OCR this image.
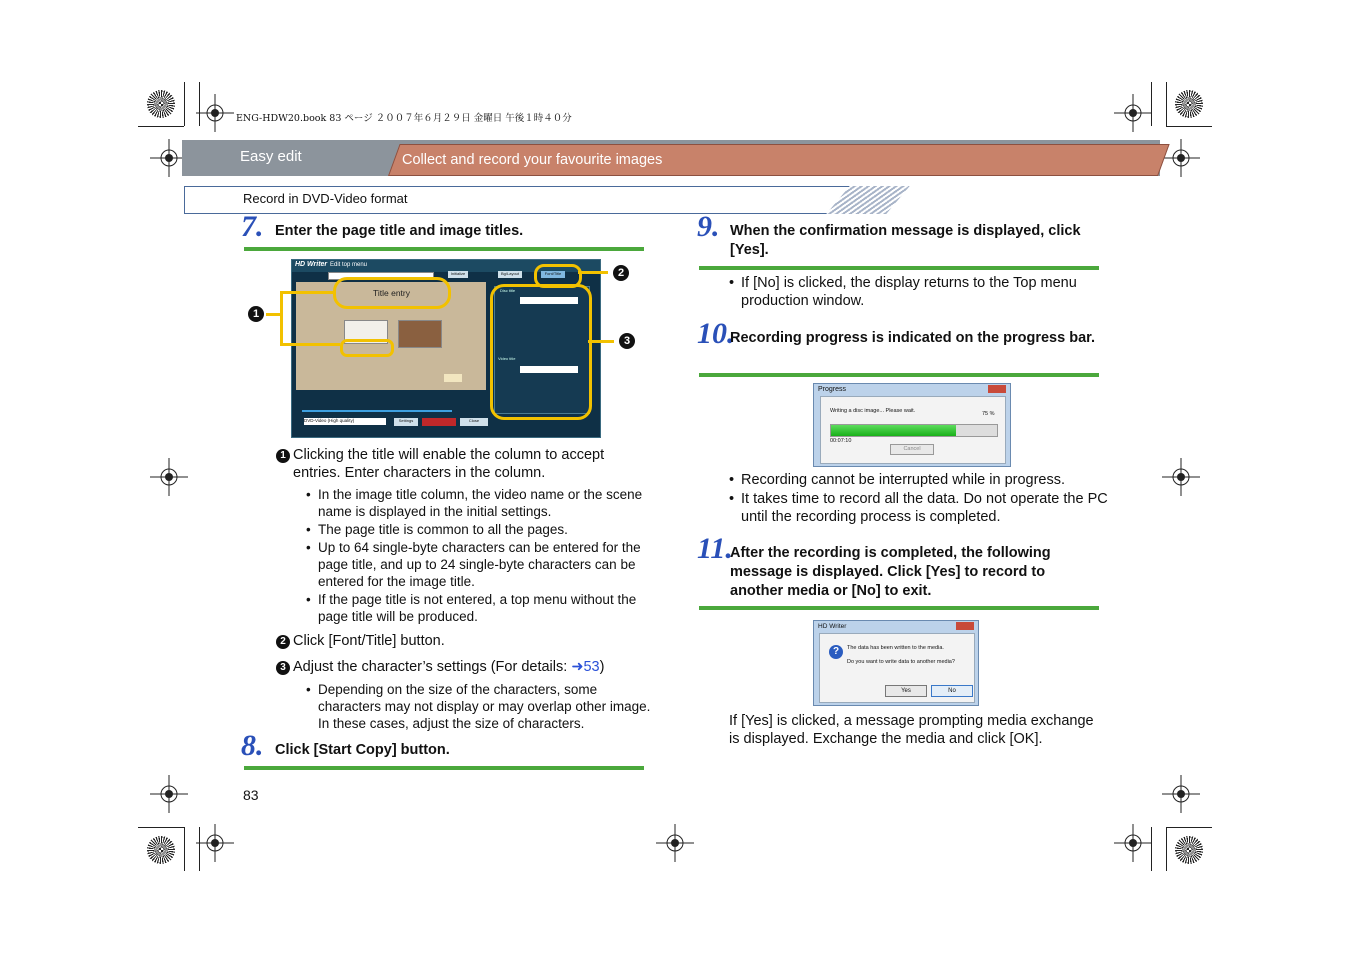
ENG-HDW20.book 83 ページ ２００７年６月２９日 金曜日 午後１時４０分
Easy edit	Collect and record your favourite images
Record in DVD-Video format
7. Enter the page title and image titles.
HD Writer Edit top menu
Initialize	Bg/Layout	Font/Title
Disc title
Video title
DVD-Video (High quality)	Settings	Close
Title entry
1
2
3
1 Clicking the title will enable the column to accept entries. Enter characters in the column.
• In the image title column, the video name or the scene name is displayed in the initial settings.
• The page title is common to all the pages.
• Up to 64 single-byte characters can be entered for the page title, and up to 24 single-byte characters can be entered for the image title.
• If the page title is not entered, a top menu without the page title will be produced.
2 Click [Font/Title] button.
3 Adjust the character’s settings (For details: ➜53)
• Depending on the size of the characters, some characters may not display or may overlap other image. In these cases, adjust the size of characters.
8. Click [Start Copy] button.
83
9. When the confirmation message is displayed, click [Yes].
• If [No] is clicked, the display returns to the Top menu production window.
10.
Recording progress is indicated on the progress bar.
Progress
Writing a disc image... Please wait.	75 %
00:07:10
Cancel
• Recording cannot be interrupted while in progress.
• It takes time to record all the data. Do not operate the PC until the recording process is completed.
11.
After the recording is completed, the following message is displayed. Click [Yes] to record to another media or [No] to exit.
HD Writer
?	The data has been written to the media.
Do you want to write data to another media?
Yes	No
If [Yes] is clicked, a message prompting media exchange is displayed. Exchange the media and click [OK].
